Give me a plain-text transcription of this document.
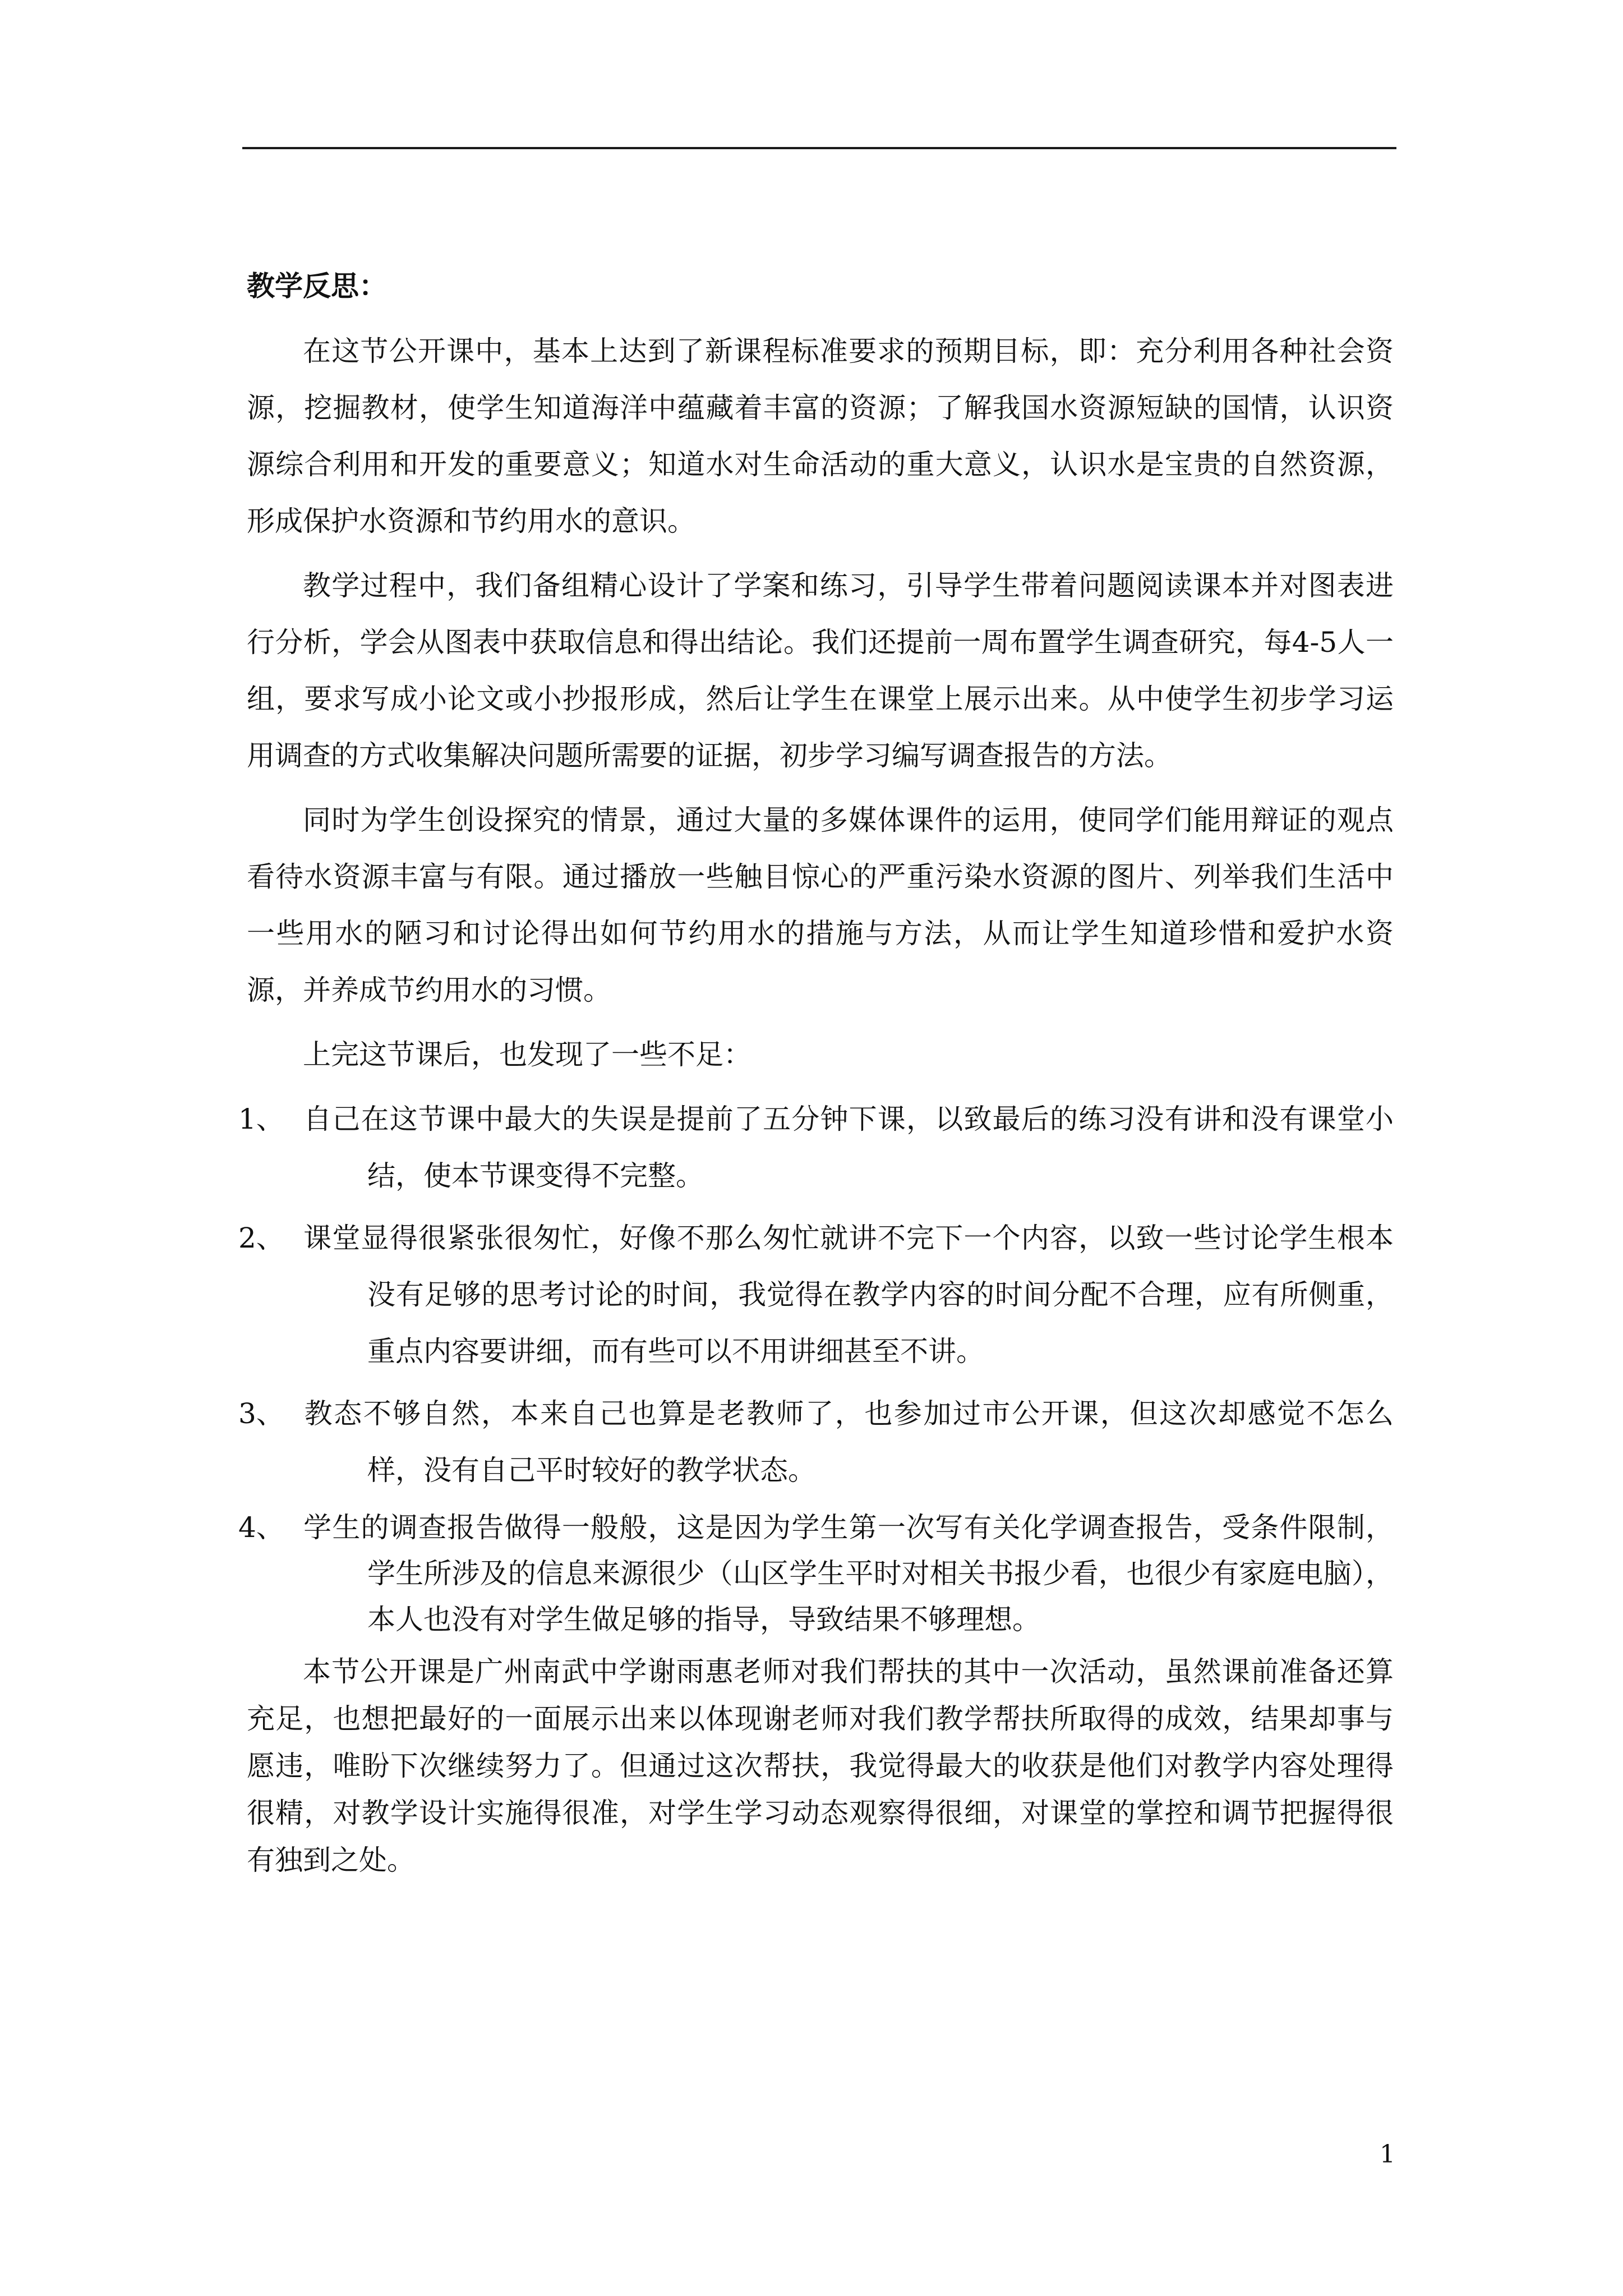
教学反思：

在这节公开课中，基本上达到了新课程标准要求的预期目标，即：充分利用各种社会资源，挖掘教材，使学生知道海洋中蕴藏着丰富的资源；了解我国水资源短缺的国情，认识资源综合利用和开发的重要意义；知道水对生命活动的重大意义，认识水是宝贵的自然资源，形成保护水资源和节约用水的意识。

教学过程中，我们备组精心设计了学案和练习，引导学生带着问题阅读课本并对图表进行分析，学会从图表中获取信息和得出结论。我们还提前一周布置学生调查研究，每4-5人一组，要求写成小论文或小抄报形成，然后让学生在课堂上展示出来。从中使学生初步学习运用调查的方式收集解决问题所需要的证据，初步学习编写调查报告的方法。

同时为学生创设探究的情景，通过大量的多媒体课件的运用，使同学们能用辩证的观点看待水资源丰富与有限。通过播放一些触目惊心的严重污染水资源的图片、列举我们生活中一些用水的陋习和讨论得出如何节约用水的措施与方法，从而让学生知道珍惜和爱护水资源，并养成节约用水的习惯。

上完这节课后，也发现了一些不足：

1、 自己在这节课中最大的失误是提前了五分钟下课，以致最后的练习没有讲和没有课堂小结，使本节课变得不完整。
2、 课堂显得很紧张很匆忙，好像不那么匆忙就讲不完下一个内容，以致一些讨论学生根本没有足够的思考讨论的时间，我觉得在教学内容的时间分配不合理，应有所侧重，重点内容要讲细，而有些可以不用讲细甚至不讲。
3、 教态不够自然，本来自己也算是老教师了，也参加过市公开课，但这次却感觉不怎么样，没有自己平时较好的教学状态。
4、 学生的调查报告做得一般般，这是因为学生第一次写有关化学调查报告，受条件限制，学生所涉及的信息来源很少（山区学生平时对相关书报少看，也很少有家庭电脑），本人也没有对学生做足够的指导，导致结果不够理想。

本节公开课是广州南武中学谢雨惠老师对我们帮扶的其中一次活动，虽然课前准备还算充足，也想把最好的一面展示出来以体现谢老师对我们教学帮扶所取得的成效，结果却事与愿违，唯盼下次继续努力了。但通过这次帮扶，我觉得最大的收获是他们对教学内容处理得很精，对教学设计实施得很准，对学生学习动态观察得很细，对课堂的掌控和调节把握得很有独到之处。

1
